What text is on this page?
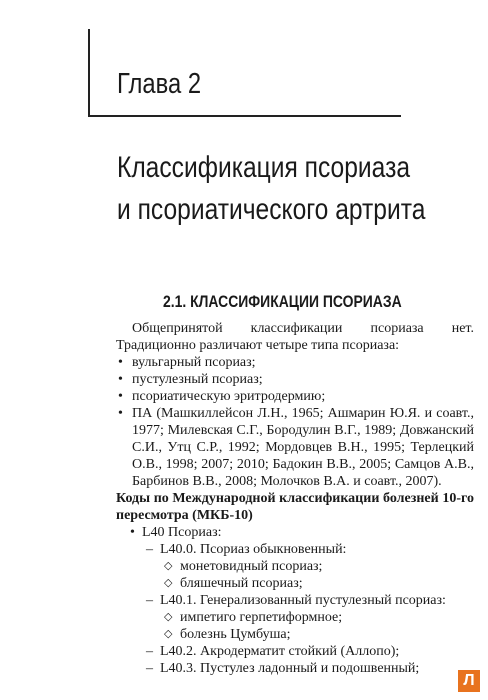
Глава 2
Классификация псориаза
и псориатического артрита
2.1. КЛАССИФИКАЦИИ ПСОРИАЗА
Общепринятой классификации псориаза нет. Традиционно различают четыре типа псориаза:
• вульгарный псориаз;
• пустулезный псориаз;
• псориатическую эритродермию;
• ПА (Машкиллейсон Л.Н., 1965; Ашмарин Ю.Я. и соавт., 1977; Милевская С.Г., Бородулин В.Г., 1989; Довжанский С.И., Утц С.Р., 1992; Мордовцев В.Н., 1995; Терлецкий О.В., 1998; 2007; 2010; Бадокин В.В., 2005; Самцов А.В., Барбинов В.В., 2008; Молочков В.А. и соавт., 2007).
Коды по Международной классификации болезней 10-го пересмотра (МКБ-10)
• L40 Псориаз:
– L40.0. Псориаз обыкновенный:
◇ монетовидный псориаз;
◇ бляшечный псориаз;
– L40.1. Генерализованный пустулезный псориаз:
◇ импетиго герпетиформное;
◇ болезнь Цумбуша;
– L40.2. Акродерматит стойкий (Аллопо);
– L40.3. Пустулез ладонный и подошвенный;
Л
